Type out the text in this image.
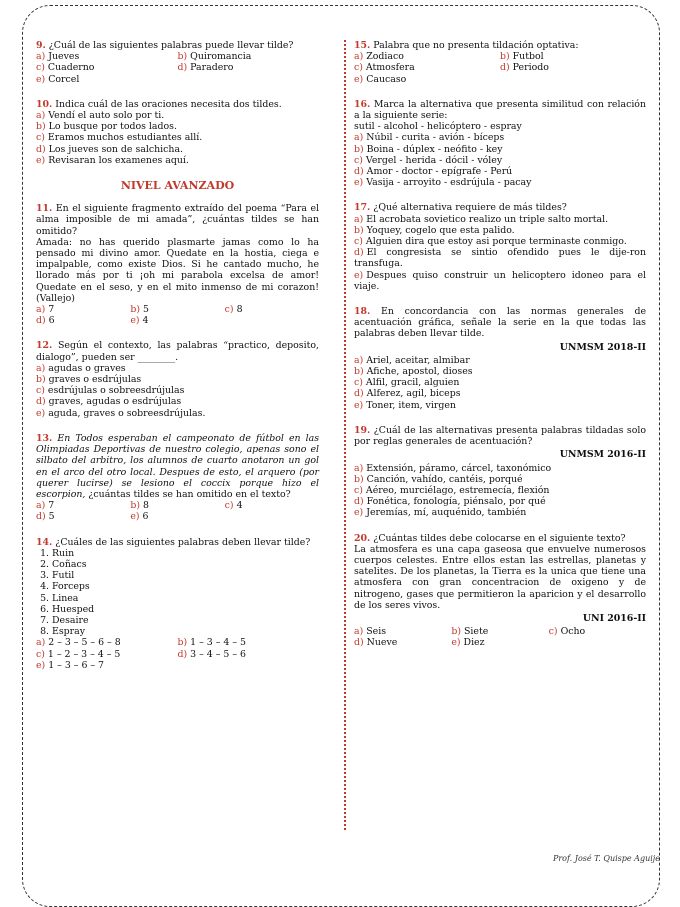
9. ¿Cuál de las siguientes palabras puede llevar tilde?
a) Jueves	b) Quiromancia
c) Cuaderno	d) Paradero
e) Corcel
10. Indica cuál de las oraciones necesita dos tildes.
a) Vendí el auto solo por ti.
b) Lo busque por todos lados.
c) Eramos muchos estudiantes allí.
d) Los jueves son de salchicha.
e) Revisaran los examenes aquí.
NIVEL AVANZADO
11. En el siguiente fragmento extraído del poema “Para el alma imposible de mi amada”, ¿cuántas tildes se han omitido?
Amada: no has querido plasmarte jamas como lo ha pensado mi divino amor. Quedate en la hostia, ciega e impalpable, como existe Dios. Si he cantado mucho, he llorado más por ti ¡oh mi parabola excelsa de amor! Quedate en el seso, y en el mito inmenso de mi corazon! (Vallejo)
a) 7	b) 5	c) 8
d) 6	e) 4
12. Según el contexto, las palabras “practico, deposito, dialogo”, pueden ser ________.
a) agudas o graves
b) graves o esdrújulas
c) esdrújulas o sobreesdrújulas
d) graves, agudas o esdrújulas
e) aguda, graves o sobreesdrújulas.
13. En Todos esperaban el campeonato de fútbol en las Olimpiadas Deportivas de nuestro colegio, apenas sono el silbato del arbitro, los alumnos de cuarto anotaron un gol en el arco del otro local. Despues de esto, el arquero (por querer lucirse) se lesiono el coccix porque hizo el escorpion, ¿cuántas tildes se han omitido en el texto?
a) 7	b) 8	c) 4
d) 5	e) 6
14. ¿Cuáles de las siguientes palabras deben llevar tilde?
1. Ruin
2. Coñacs
3. Futil
4. Forceps
5. Linea
6. Huesped
7. Desaire
8. Espray
a) 2 – 3 – 5 – 6 – 8	b) 1 – 3 – 4 – 5
c) 1 – 2 – 3 – 4 – 5	d) 3 – 4 – 5 – 6
e) 1 – 3 – 6 – 7
15. Palabra que no presenta tildación optativa:
a) Zodiaco	b) Futbol
c) Atmosfera	d) Periodo
e) Caucaso
16. Marca la alternativa que presenta similitud con relación a la siguiente serie:
sutil - alcohol - helicóptero - espray
a) Núbil - curita - avión - bíceps
b) Boina - dúplex - neófito - key
c) Vergel - herida - dócil - vóley
d) Amor - doctor - epígrafe - Perú
e) Vasija - arroyito - esdrújula - pacay
17. ¿Qué alternativa requiere de más tildes?
a) El acrobata sovietico realizo un triple salto mortal.
b) Yoquey, cogelo que esta palido.
c) Alguien dira que estoy asi porque terminaste conmigo.
d) El congresista se sintio ofendido pues le dije-ron transfuga.
e) Despues quiso construir un helicoptero idoneo para el viaje.
18. En concordancia con las normas generales de acentuación gráfica, señale la serie en la que todas las palabras deben llevar tilde.
UNMSM 2018-II
a) Ariel, aceitar, almibar
b) Afiche, apostol, dioses
c) Alfil, gracil, alguien
d) Alferez, agil, biceps
e) Toner, item, virgen
19. ¿Cuál de las alternativas presenta palabras tildadas solo por reglas generales de acentuación?
UNMSM 2016-II
a) Extensión, páramo, cárcel, taxonómico
b) Canción, vahído, cantéis, porqué
c) Aéreo, murciélago, estremecía, flexión
d) Fonética, fonología, piénsalo, por qué
e) Jeremías, mí, auquénido, también
20. ¿Cuántas tildes debe colocarse en el siguiente texto?
La atmosfera es una capa gaseosa que envuelve numerosos cuerpos celestes. Entre ellos estan las estrellas, planetas y satelites. De los planetas, la Tierra es la unica que tiene una atmosfera con gran concentracion de oxigeno y de nitrogeno, gases que permitieron la aparicion y el desarrollo de los seres vivos.
UNI 2016-II
a) Seis	b) Siete	c) Ocho
d) Nueve	e) Diez
Prof. José T. Quispe Aguije
